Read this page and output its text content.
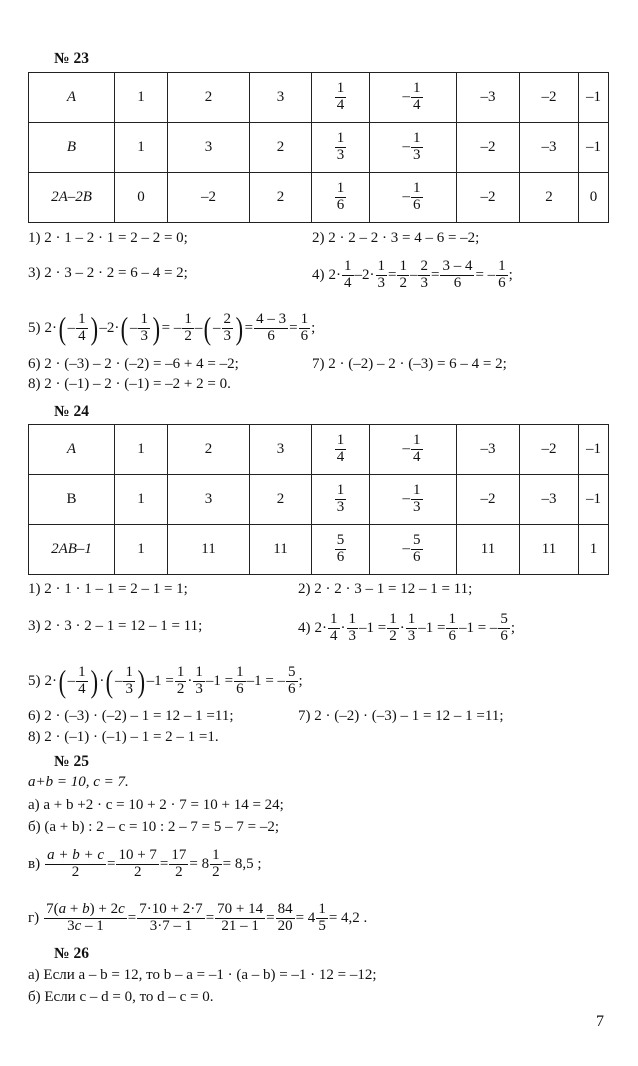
№ 23
A	1	2	3	$\frac{1}{4}$	– $\frac{1}{4}$	–3	–2	–1
B	1	3	2	$\frac{1}{3}$	– $\frac{1}{3}$	–2	–3	–1
2A–2B	0	–2	2	$\frac{1}{6}$	– $\frac{1}{6}$	–2	2	0
1) 2 · 1 – 2 · 1 = 2 – 2 = 0;	2) 2 · 2 – 2 · 3 = 4 – 6 = –2;
3) 2 · 3 – 2 · 2 = 6 – 4 = 2;	4) $2\cdot \frac{1}{4} -2\cdot \frac{1}{3} = \frac{1}{2} - \frac{2}{3} = \frac{3 - 4}{6}$ = – $\frac{1}{6}$ ;
5) 2· ( – $\frac{1}{4}$ ) –2· ( – $\frac{1}{3}$ ) = – $\frac{1}{2}$ – ( – $\frac{2}{3}$ ) = $\frac{4 - 3}{6} = \frac{1}{6}$ ;
6) 2 · (–3) – 2 · (–2) = –6 + 4 = –2;	7) 2 · (–2) – 2 · (–3) = 6 – 4 = 2;
8) 2 · (–1) – 2 · (–1) = –2 + 2 = 0.
№ 24
A	1	2	3	$\frac{1}{4}$	– $\frac{1}{4}$	–3	–2	–1
В	1	3	2	$\frac{1}{3}$	– $\frac{1}{3}$	–2	–3	–1
2AB–1	1	11	11	$\frac{5}{6}$	– $\frac{5}{6}$	11	11	1
1) 2 · 1 · 1 – 1 = 2 – 1 = 1;	2) 2 · 2 · 3 – 1 = 12 – 1 = 11;
3) 2 · 3 · 2 – 1 = 12 – 1 = 11;	4) $2\cdot \frac{1}{4} \cdot \frac{1}{3} -1 = \frac{1}{2} \cdot \frac{1}{3} -1 = \frac{1}{6} -1$ = – $\frac{5}{6}$ ;
5) 2· ( – $\frac{1}{4}$ ) · ( – $\frac{1}{3}$ ) $-1 = \frac{1}{2} \cdot \frac{1}{3} -1 = \frac{1}{6} -1$ = – $\frac{5}{6}$ ;
6) 2 · (–3) · (–2) – 1 = 12 – 1 =11;	7) 2 · (–2) · (–3) – 1 = 12 – 1 =11;
8) 2 · (–1) · (–1) – 1 = 2 – 1 =1.
№ 25
a+b = 10, c = 7.
а) a + b +2 · c = 10 + 2 · 7 = 10 + 14 = 24;
б) (a + b) : 2 – c = 10 : 2 – 7 = 5 – 7 = –2;
$в) \frac{a + b + c}{2} = \frac{10 + 7}{2} = \frac{17}{2} = 8 \frac{1}{2} = 8,5$ ;
$г) \frac{7(a + b) + 2c}{3c - 1} = \frac{7\cdot 10 + 2\cdot 7}{3\cdot 7 - 1} = \frac{70 + 14}{21 - 1} = \frac{84}{20} = 4 \frac{1}{5} = 4,2$ .
№ 26
а) Если a – b = 12, то b – a = –1 · (a – b) = –1 · 12 = –12;
б) Если c – d = 0, то d – c = 0.
7
